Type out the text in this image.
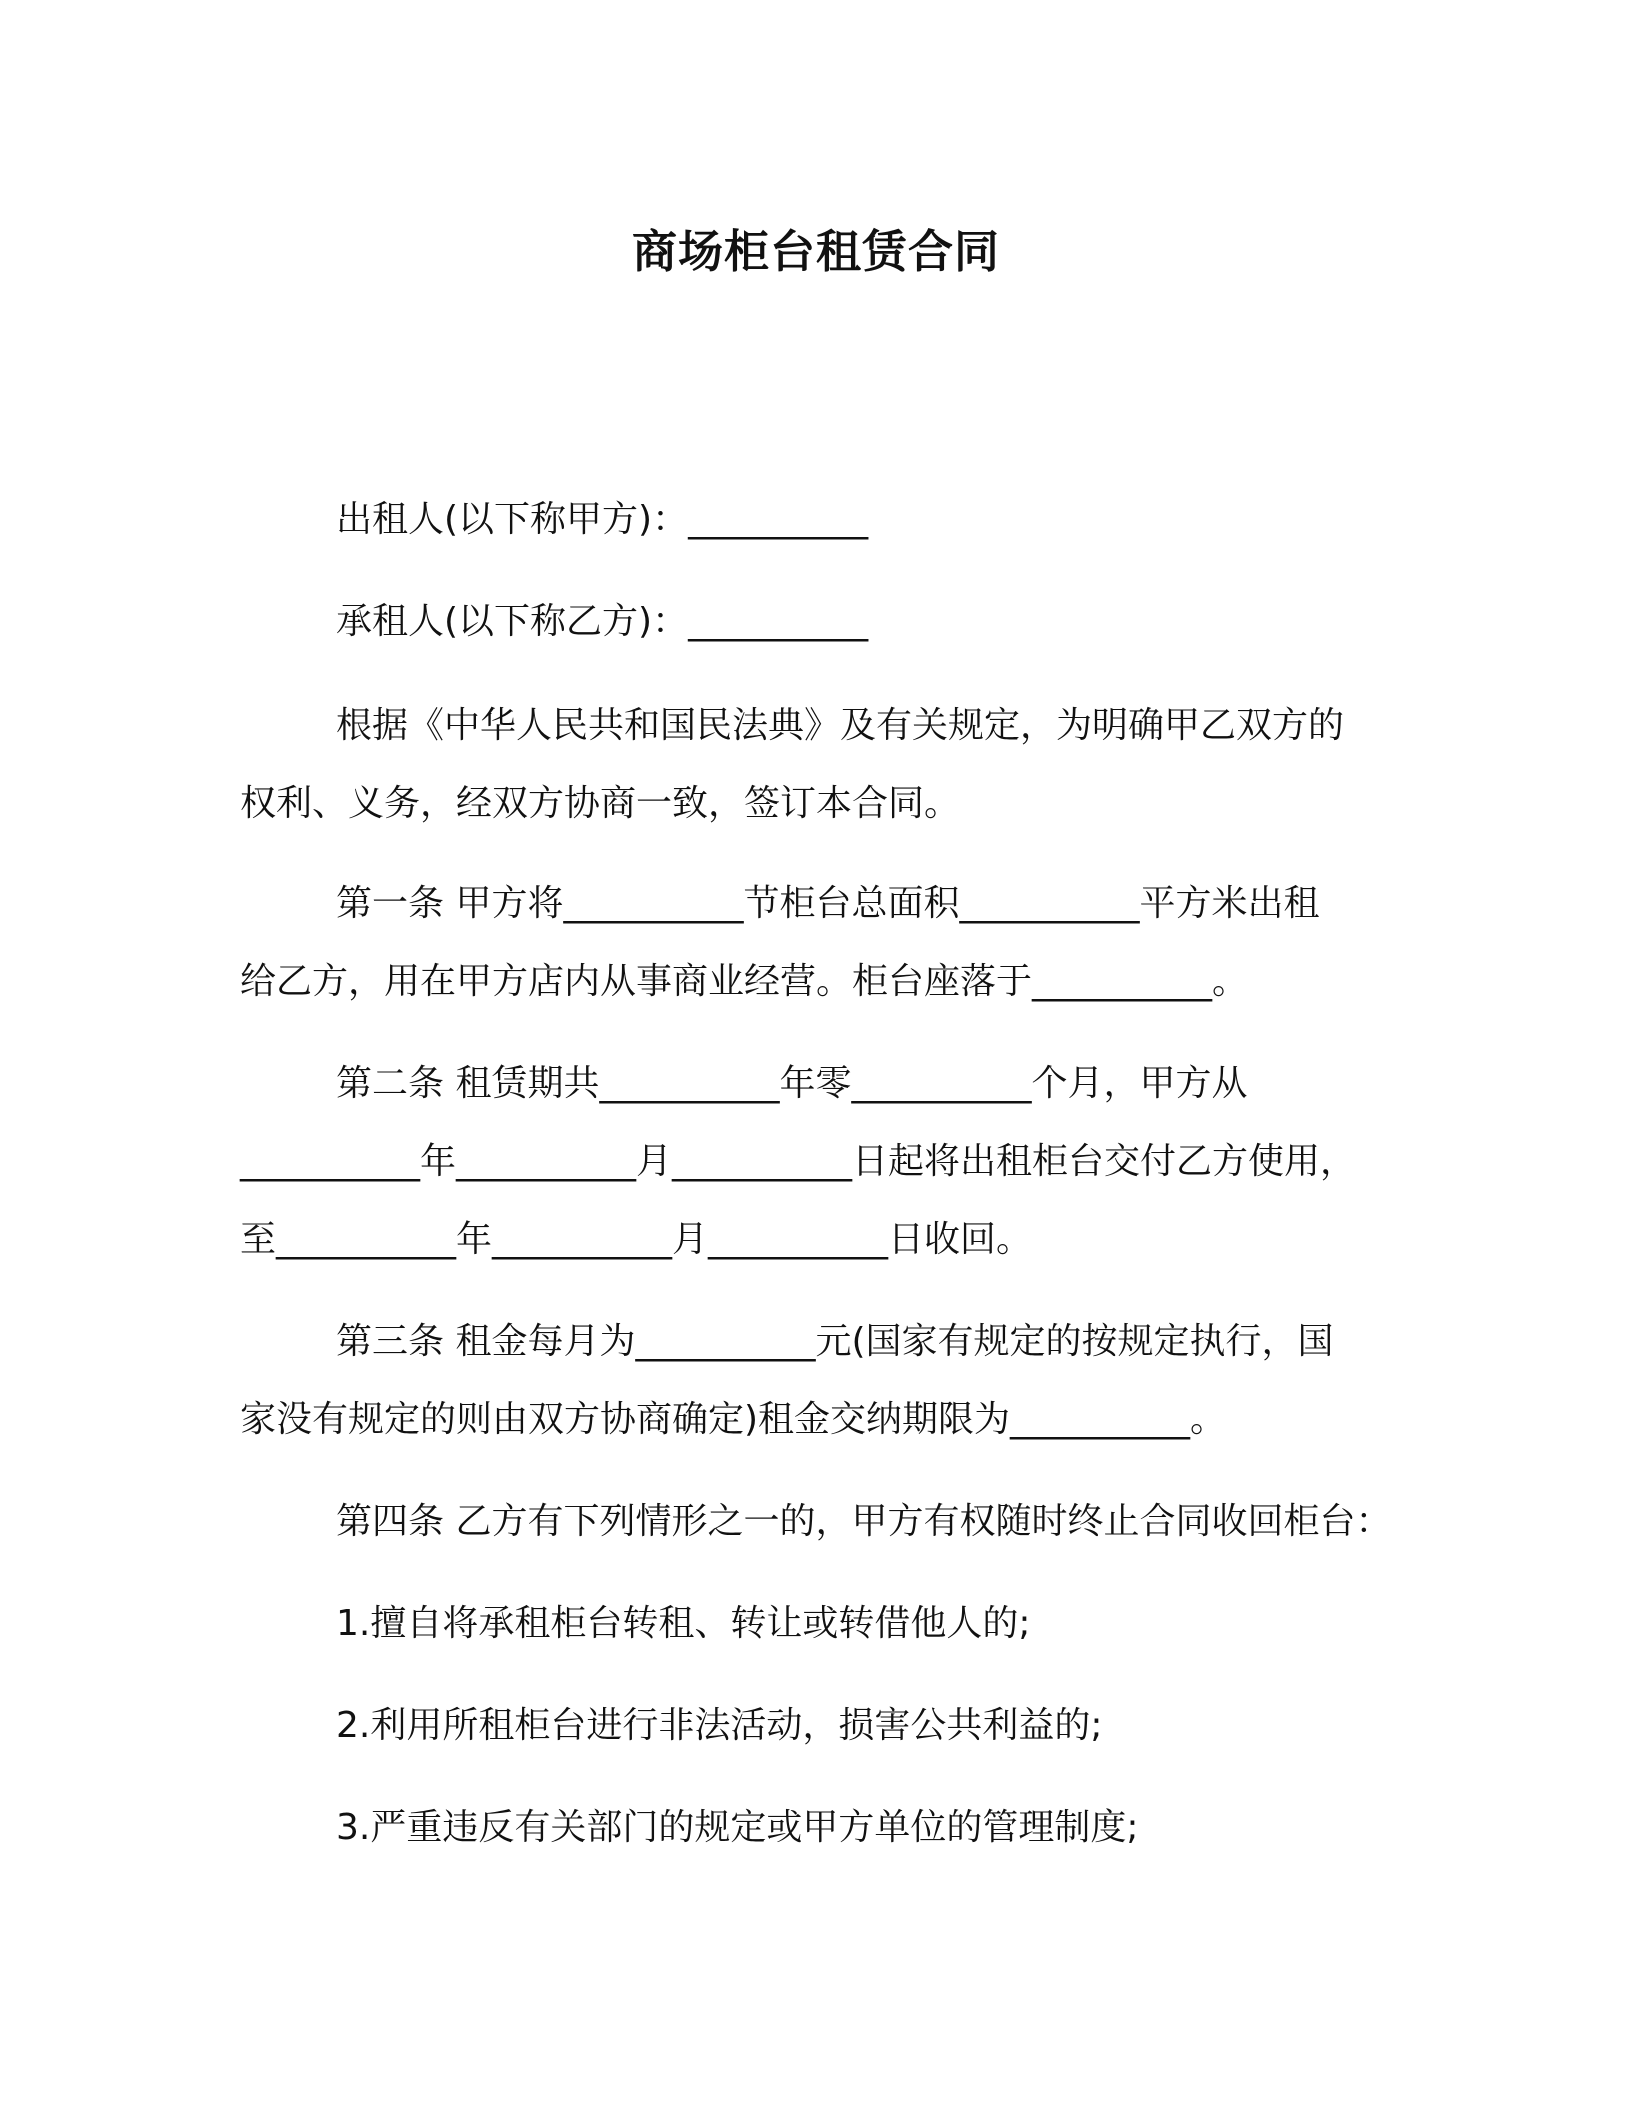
商场柜台租赁合同
出租人(以下称甲方)：__________
承租人(以下称乙方)：__________
根据《中华人民共和国民法典》及有关规定，为明确甲乙双方的
权利、义务，经双方协商一致，签订本合同。
第一条 甲方将__________节柜台总面积__________平方米出租
给乙方，用在甲方店内从事商业经营。柜台座落于__________。
第二条 租赁期共__________年零__________个月，甲方从
__________年__________月__________日起将出租柜台交付乙方使用，
至__________年__________月__________日收回。
第三条 租金每月为__________元(国家有规定的按规定执行，国
家没有规定的则由双方协商确定)租金交纳期限为__________。
第四条 乙方有下列情形之一的，甲方有权随时终止合同收回柜台：
1.擅自将承租柜台转租、转让或转借他人的;
2.利用所租柜台进行非法活动，损害公共利益的;
3.严重违反有关部门的规定或甲方单位的管理制度;
